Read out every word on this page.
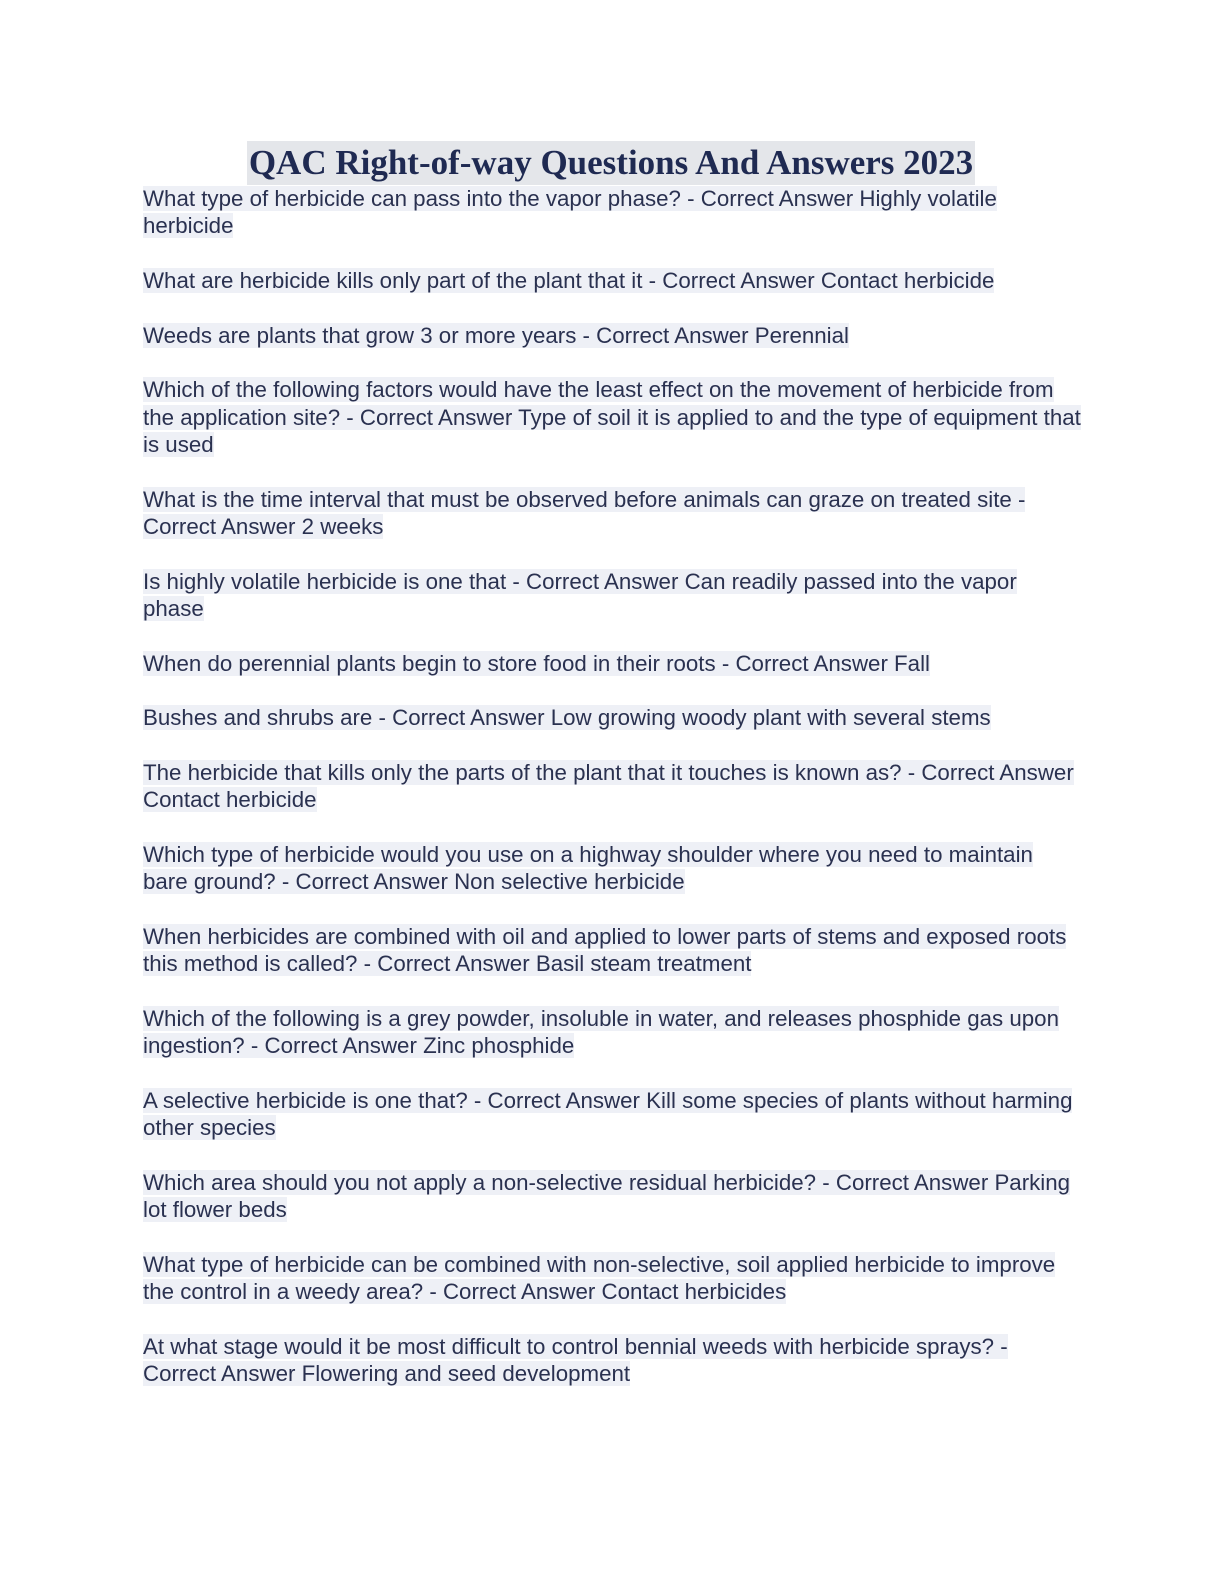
QAC Right-of-way Questions And Answers 2023

What type of herbicide can pass into the vapor phase? - Correct Answer Highly volatile herbicide

What are herbicide kills only part of the plant that it - Correct Answer Contact herbicide

Weeds are plants that grow 3 or more years - Correct Answer Perennial

Which of the following factors would have the least effect on the movement of herbicide from the application site? - Correct Answer Type of soil it is applied to and the type of equipment that is used

What is the time interval that must be observed before animals can graze on treated site - Correct Answer 2 weeks

Is highly volatile herbicide is one that - Correct Answer Can readily passed into the vapor phase

When do perennial plants begin to store food in their roots - Correct Answer Fall

Bushes and shrubs are - Correct Answer Low growing woody plant with several stems

The herbicide that kills only the parts of the plant that it touches is known as? - Correct Answer Contact herbicide

Which type of herbicide would you use on a highway shoulder where you need to maintain bare ground? - Correct Answer Non selective herbicide

When herbicides are combined with oil and applied to lower parts of stems and exposed roots this method is called? - Correct Answer Basil steam treatment

Which of the following is a grey powder, insoluble in water, and releases phosphide gas upon ingestion? - Correct Answer Zinc phosphide

A selective herbicide is one that? - Correct Answer Kill some species of plants without harming other species

Which area should you not apply a non-selective residual herbicide? - Correct Answer Parking lot flower beds

What type of herbicide can be combined with non-selective, soil applied herbicide to improve the control in a weedy area? - Correct Answer Contact herbicides

At what stage would it be most difficult to control bennial weeds with herbicide sprays? - Correct Answer Flowering and seed development
